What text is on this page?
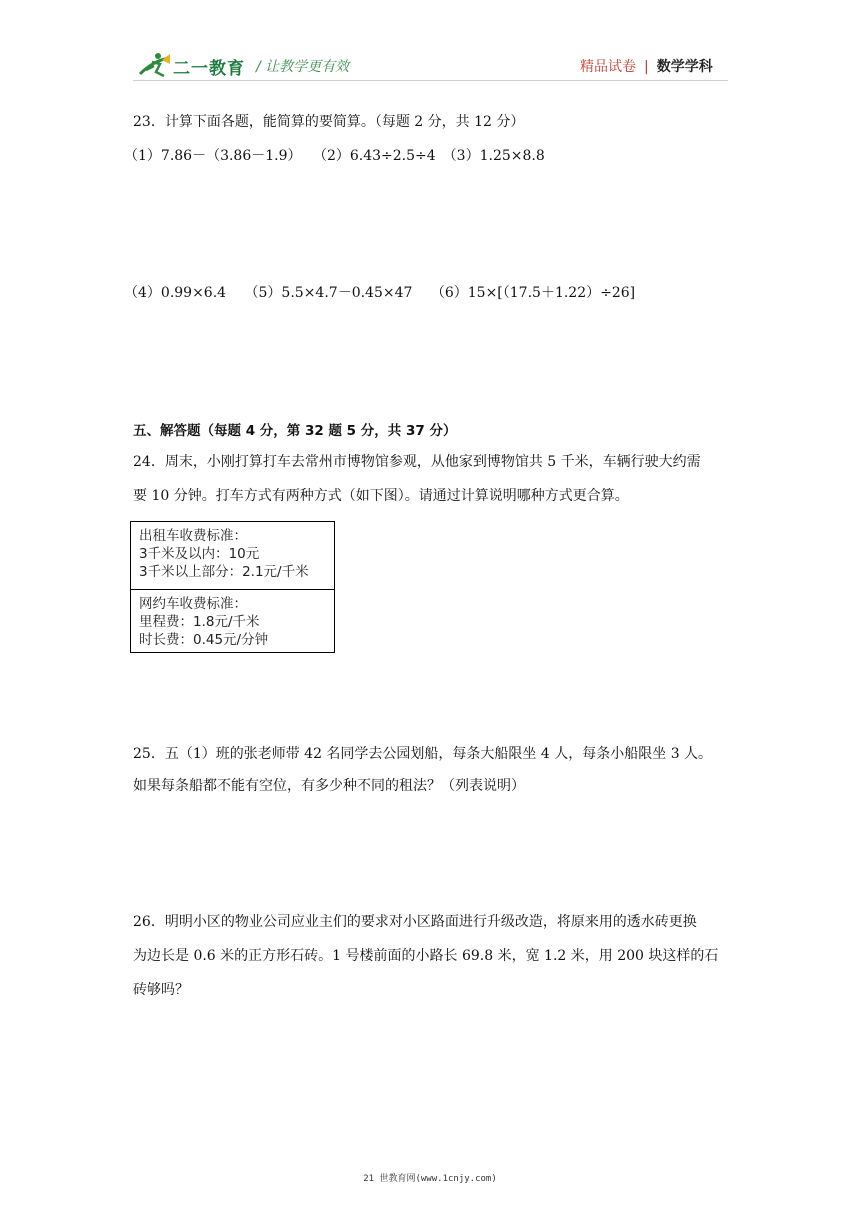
二一教育 / 让教学更有效	精品试卷 | 数学学科
23．计算下面各题，能简算的要简算。（每题 2 分，共 12 分）
（1）7.86－（3.86－1.9）　 （2）6.43÷2.5÷4　（3）1.25×8.8
（4）0.99×6.4　 （5）5.5×4.7－0.45×47　 （6）15×[（17.5＋1.22）÷26]
五、解答题（每题 4 分，第 32 题 5 分，共 37 分）
24．周末，小刚打算打车去常州市博物馆参观，从他家到博物馆共 5 千米，车辆行驶大约需
要 10 分钟。打车方式有两种方式（如下图）。请通过计算说明哪种方式更合算。
出租车收费标准：
3千米及以内：10元
3千米以上部分：2.1元/千米
网约车收费标准：
里程费：1.8元/千米
时长费：0.45元/分钟
25．五（1）班的张老师带 42 名同学去公园划船，每条大船限坐 4 人，每条小船限坐 3 人。
如果每条船都不能有空位，有多少种不同的租法？（列表说明）
26．明明小区的物业公司应业主们的要求对小区路面进行升级改造，将原来用的透水砖更换
为边长是 0.6 米的正方形石砖。1 号楼前面的小路长 69.8 米，宽 1.2 米，用 200 块这样的石
砖够吗？
21 世教育网(www.1cnjy.com)
